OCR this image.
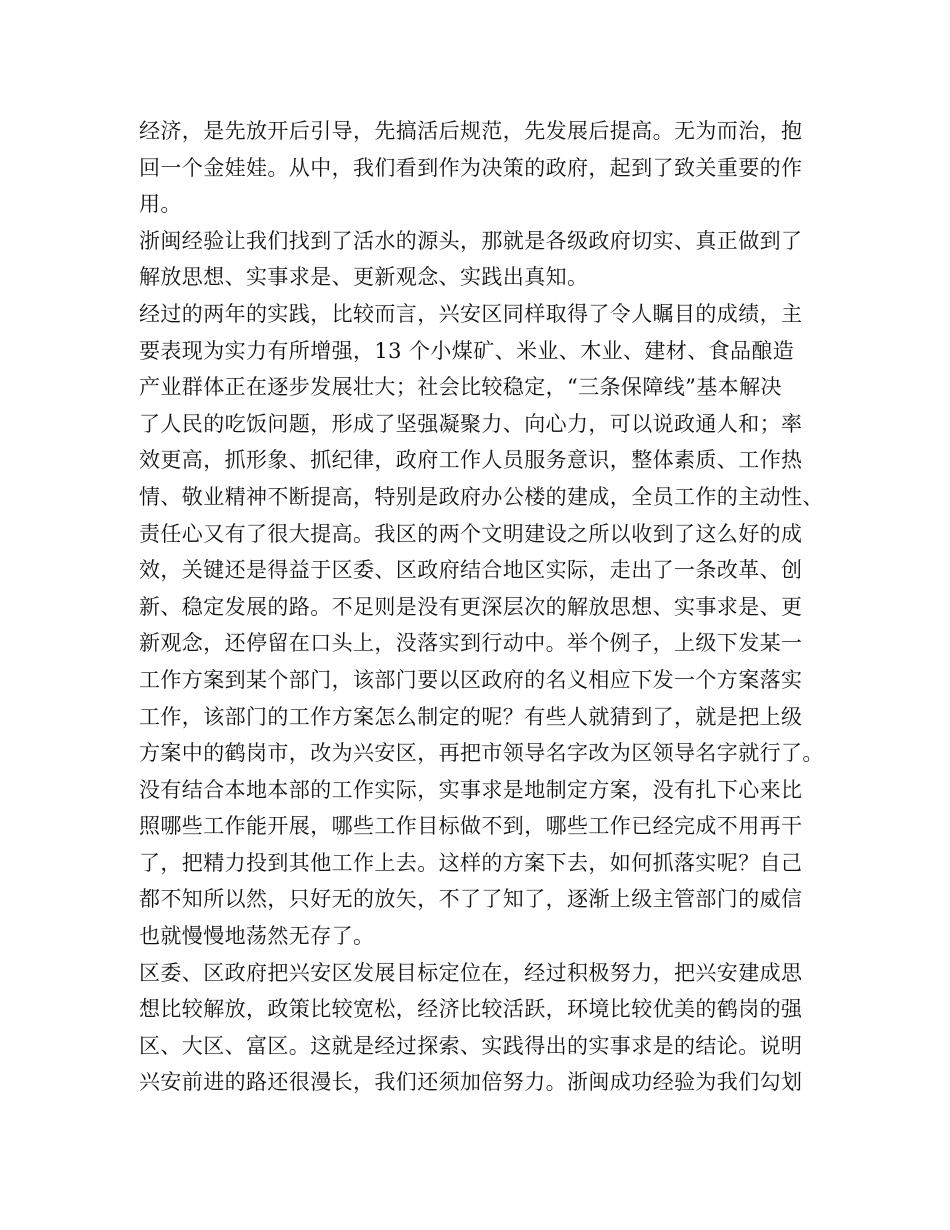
经济，是先放开后引导，先搞活后规范，先发展后提高。无为而治，抱
回一个金娃娃。从中，我们看到作为决策的政府，起到了致关重要的作
用。
浙闽经验让我们找到了活水的源头，那就是各级政府切实、真正做到了
解放思想、实事求是、更新观念、实践出真知。
经过的两年的实践，比较而言，兴安区同样取得了令人瞩目的成绩，主
要表现为实力有所增强，13 个小煤矿、米业、木业、建材、食品酿造
产业群体正在逐步发展壮大；社会比较稳定，“三条保障线”基本解决
了人民的吃饭问题，形成了坚强凝聚力、向心力，可以说政通人和；率
效更高，抓形象、抓纪律，政府工作人员服务意识，整体素质、工作热
情、敬业精神不断提高，特别是政府办公楼的建成，全员工作的主动性、
责任心又有了很大提高。我区的两个文明建设之所以收到了这么好的成
效，关键还是得益于区委、区政府结合地区实际，走出了一条改革、创
新、稳定发展的路。不足则是没有更深层次的解放思想、实事求是、更
新观念，还停留在口头上，没落实到行动中。举个例子，上级下发某一
工作方案到某个部门，该部门要以区政府的名义相应下发一个方案落实
工作，该部门的工作方案怎么制定的呢？有些人就猜到了，就是把上级
方案中的鹤岗市，改为兴安区，再把市领导名字改为区领导名字就行了。
没有结合本地本部的工作实际，实事求是地制定方案，没有扎下心来比
照哪些工作能开展，哪些工作目标做不到，哪些工作已经完成不用再干
了，把精力投到其他工作上去。这样的方案下去，如何抓落实呢？自己
都不知所以然，只好无的放矢，不了了知了，逐渐上级主管部门的威信
也就慢慢地荡然无存了。
区委、区政府把兴安区发展目标定位在，经过积极努力，把兴安建成思
想比较解放，政策比较宽松，经济比较活跃，环境比较优美的鹤岗的强
区、大区、富区。这就是经过探索、实践得出的实事求是的结论。说明
兴安前进的路还很漫长，我们还须加倍努力。浙闽成功经验为我们勾划
